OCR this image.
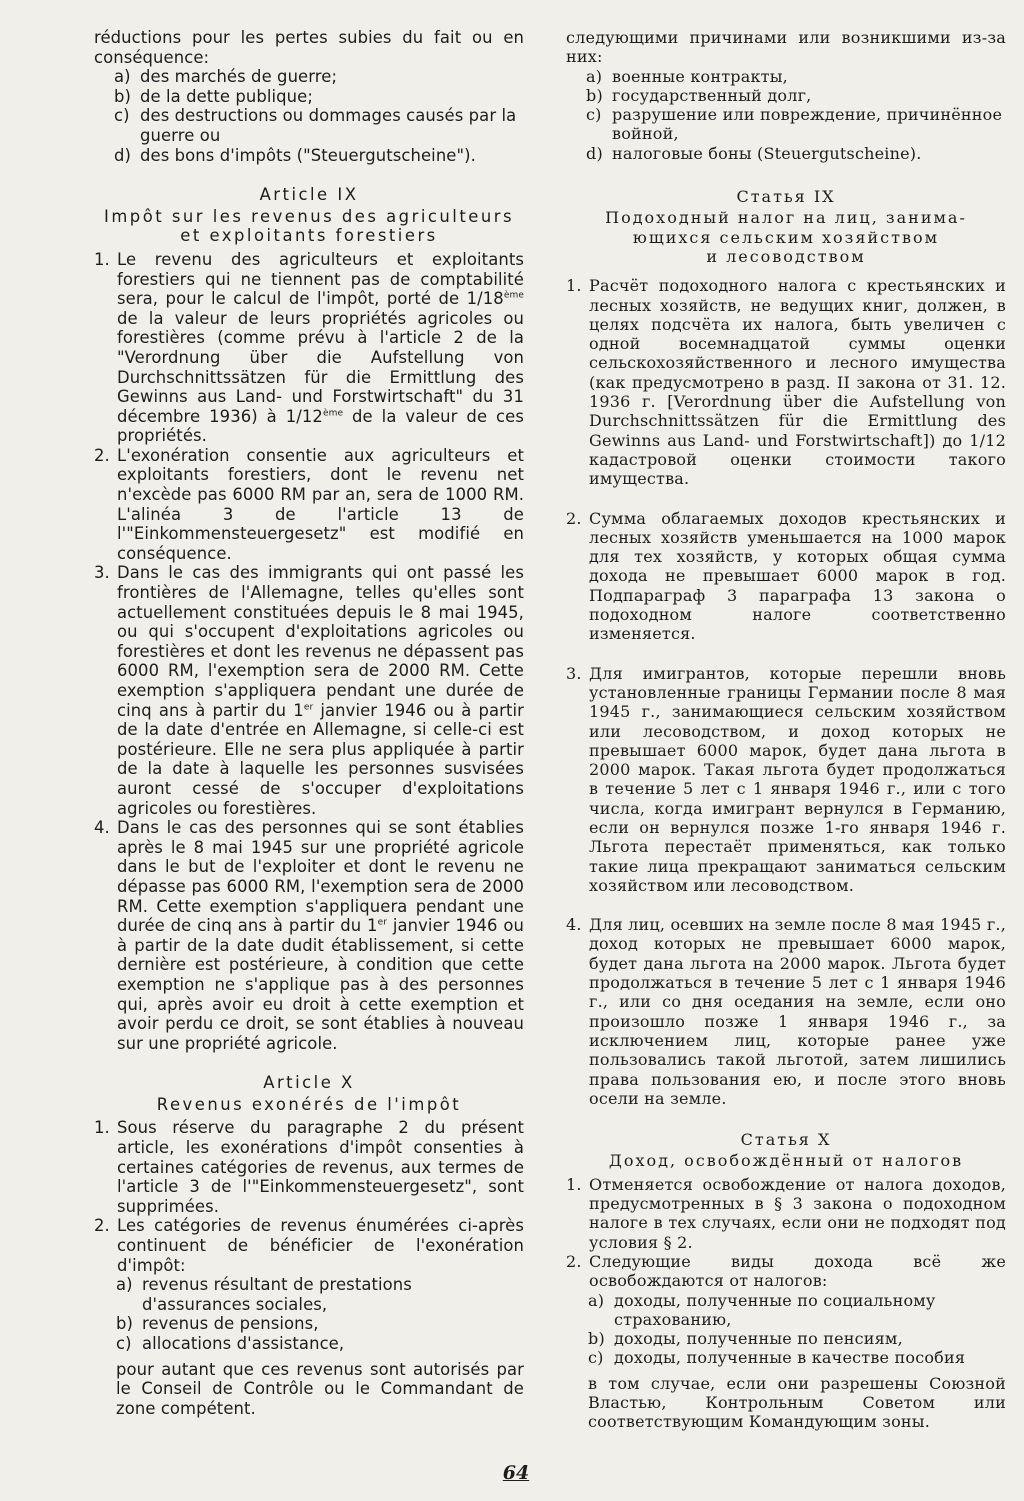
réductions pour les pertes subies du fait ou en conséquence:

a) des marchés de guerre;
b) de la dette publique;
c) des destructions ou dommages causés par la guerre ou
d) des bons d'impôts ("Steuergutscheine").

Article IX

Impôt sur les revenus des agriculteurs et exploitants forestiers

1. Le revenu des agriculteurs et exploitants forestiers qui ne tiennent pas de comptabilité sera, pour le calcul de l'impôt, porté de 1/18ème de la valeur de leurs propriétés agricoles ou forestières (comme prévu à l'article 2 de la "Verordnung über die Aufstellung von Durchschnittssätzen für die Ermittlung des Gewinns aus Land- und Forstwirtschaft" du 31 décembre 1936) à 1/12ème de la valeur de ces propriétés.
2. L'exonération consentie aux agriculteurs et exploitants forestiers, dont le revenu net n'excède pas 6000 RM par an, sera de 1000 RM. L'alinéa 3 de l'article 13 de l'"Einkommensteuergesetz" est modifié en conséquence.
3. Dans le cas des immigrants qui ont passé les frontières de l'Allemagne, telles qu'elles sont actuellement constituées depuis le 8 mai 1945, ou qui s'occupent d'exploitations agricoles ou forestières et dont les revenus ne dépassent pas 6000 RM, l'exemption sera de 2000 RM. Cette exemption s'appliquera pendant une durée de cinq ans à partir du 1er janvier 1946 ou à partir de la date d'entrée en Allemagne, si celle-ci est postérieure. Elle ne sera plus appliquée à partir de la date à laquelle les personnes susvisées auront cessé de s'occuper d'exploitations agricoles ou forestières.
4. Dans le cas des personnes qui se sont établies après le 8 mai 1945 sur une propriété agricole dans le but de l'exploiter et dont le revenu ne dépasse pas 6000 RM, l'exemption sera de 2000 RM. Cette exemption s'appliquera pendant une durée de cinq ans à partir du 1er janvier 1946 ou à partir de la date dudit établissement, si cette dernière est postérieure, à condition que cette exemption ne s'applique pas à des personnes qui, après avoir eu droit à cette exemption et avoir perdu ce droit, se sont établies à nouveau sur une propriété agricole.

Article X

Revenus exonérés de l'impôt

1. Sous réserve du paragraphe 2 du présent article, les exonérations d'impôt consenties à certaines catégories de revenus, aux termes de l'article 3 de l'"Einkommensteuergesetz", sont supprimées.
2. Les catégories de revenus énumérées ci-après continuent de bénéficier de l'exonération d'impôt:
a) revenus résultant de prestations d'assurances sociales,
b) revenus de pensions,
c) allocations d'assistance,

pour autant que ces revenus sont autorisés par le Conseil de Contrôle ou le Commandant de zone compétent.

следующими причинами или возникшими из-за них:

a) военные контракты,
b) государственный долг,
c) разрушение или повреждение, причинённое войной,
d) налоговые боны (Steuergutscheine).

Статья IX

Подоходный налог на лиц, занима-

ющихся сельским хозяйством

и лесоводством

1. Расчёт подоходного налога с крестьянских и лесных хозяйств, не ведущих книг, должен, в целях подсчёта их налога, быть увеличен с одной восемнадцатой суммы оценки сельскохозяйственного и лесного имущества (как предусмотрено в разд. II закона от 31. 12. 1936 г. [Verordnung über die Aufstellung von Durchschnittssätzen für die Ermittlung des Gewinns aus Land- und Forstwirtschaft]) до 1/12 кадастровой оценки стоимости такого имущества.
2. Сумма облагаемых доходов крестьянских и лесных хозяйств уменьшается на 1000 марок для тех хозяйств, у которых общая сумма дохода не превышает 6000 марок в год. Подпараграф 3 параграфа 13 закона о подоходном налоге соответственно изменяется.
3. Для имигрантов, которые перешли вновь установленные границы Германии после 8 мая 1945 г., занимающиеся сельским хозяйством или лесоводством, и доход которых не превышает 6000 марок, будет дана льгота в 2000 марок. Такая льгота будет продолжаться в течение 5 лет с 1 января 1946 г., или с того числа, когда имигрант вернулся в Германию, если он вернулся позже 1-го января 1946 г. Льгота перестаёт применяться, как только такие лица прекращают заниматься сельским хозяйством или лесоводством.
4. Для лиц, осевших на земле после 8 мая 1945 г., доход которых не превышает 6000 марок, будет дана льгота на 2000 марок. Льгота будет продолжаться в течение 5 лет с 1 января 1946 г., или со дня оседания на земле, если оно произошло позже 1 января 1946 г., за исключением лиц, которые ранее уже пользовались такой льготой, затем лишились права пользования ею, и после этого вновь осели на земле.

Статья X

Доход, освобождённый от налогов

1. Отменяется освобождение от налога доходов, предусмотренных в § 3 закона о подоходном налоге в тех случаях, если они не подходят под условия § 2.
2. Следующие виды дохода всё же освобождаются от налогов:
a) доходы, полученные по социальному страхованию,
b) доходы, полученные по пенсиям,
c) доходы, полученные в качестве пособия

в том случае, если они разрешены Союзной Властью, Контрольным Советом или соответствующим Командующим зоны.

64
